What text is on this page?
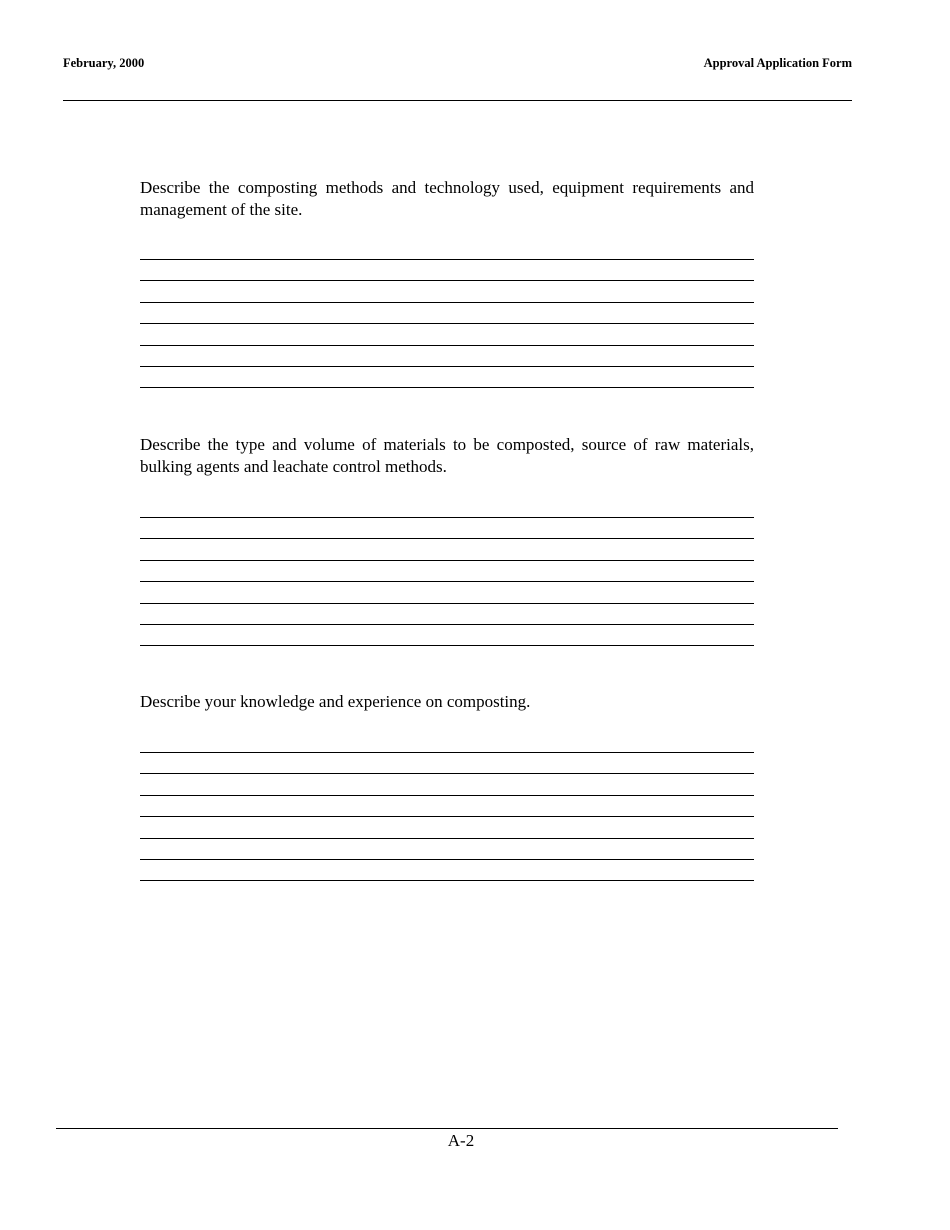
February, 2000	Approval Application Form
Describe the composting methods and technology used, equipment requirements and management of the site.
Describe the type and volume of materials to be composted, source of raw materials, bulking agents and leachate control methods.
Describe your knowledge and experience on composting.
A-2
